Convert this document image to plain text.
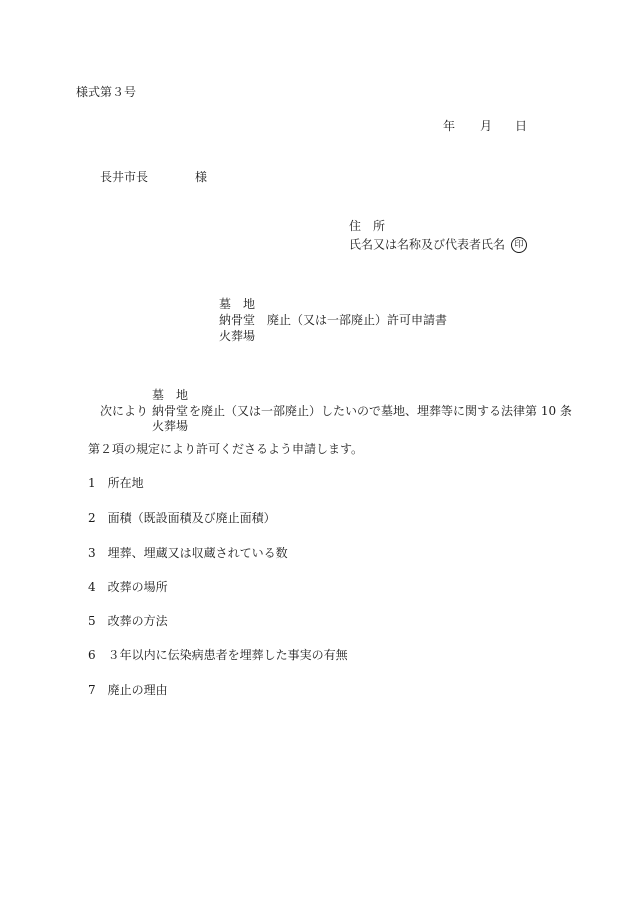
様式第３号
年 月 日
長井市長	様
住 所
氏名又は名称及び代表者氏名 印
墓 地
納骨堂 廃止（又は一部廃止）許可申請書
火葬場
墓 地
次により 納骨堂 を廃止（又は一部廃止）したいので墓地、埋葬等に関する法律第 10 条
火葬場
第２項の規定により許可くださるよう申請します。
1 所在地
2 面積（既設面積及び廃止面積）
3 埋葬、埋蔵又は収蔵されている数
4 改葬の場所
5 改葬の方法
6 ３年以内に伝染病患者を埋葬した事実の有無
7 廃止の理由
